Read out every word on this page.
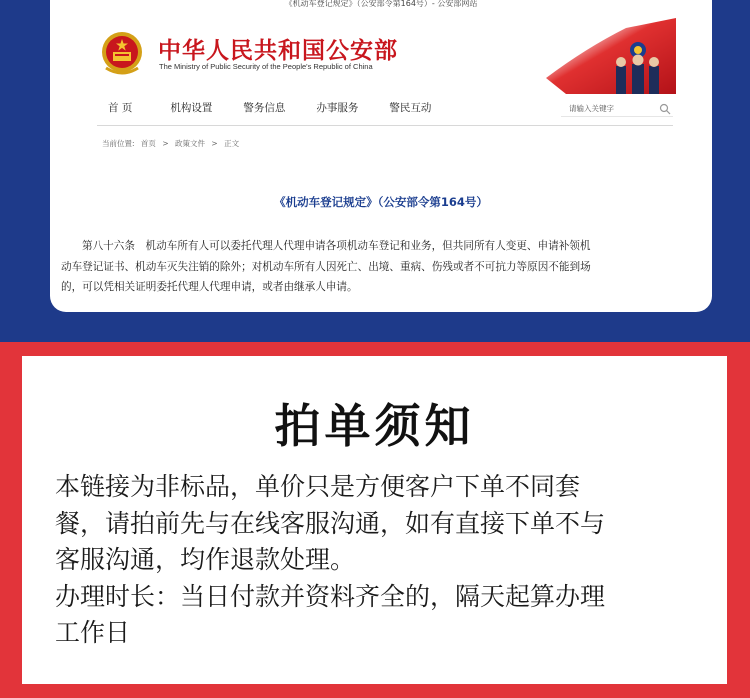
《机动车登记规定》（公安部令第164号）- 公安部网站
中华人民共和国公安部
The Ministry of Public Security of the People's Republic of China
首 页	机构设置	警务信息	办事服务	警民互动	请输入关键字
当前位置: 首页 > 政策文件 > 正文
《机动车登记规定》（公安部令第164号）
第八十六条　机动车所有人可以委托代理人代理申请各项机动车登记和业务，但共同所有人变更、申请补领机
动车登记证书、机动车灭失注销的除外；对机动车所有人因死亡、出境、重病、伤残或者不可抗力等原因不能到场
的，可以凭相关证明委托代理人代理申请，或者由继承人申请。
拍单须知
本链接为非标品，单价只是方便客户下单不同套
餐，请拍前先与在线客服沟通，如有直接下单不与
客服沟通，均作退款处理。
办理时长：当日付款并资料齐全的，隔天起算办理
工作日
